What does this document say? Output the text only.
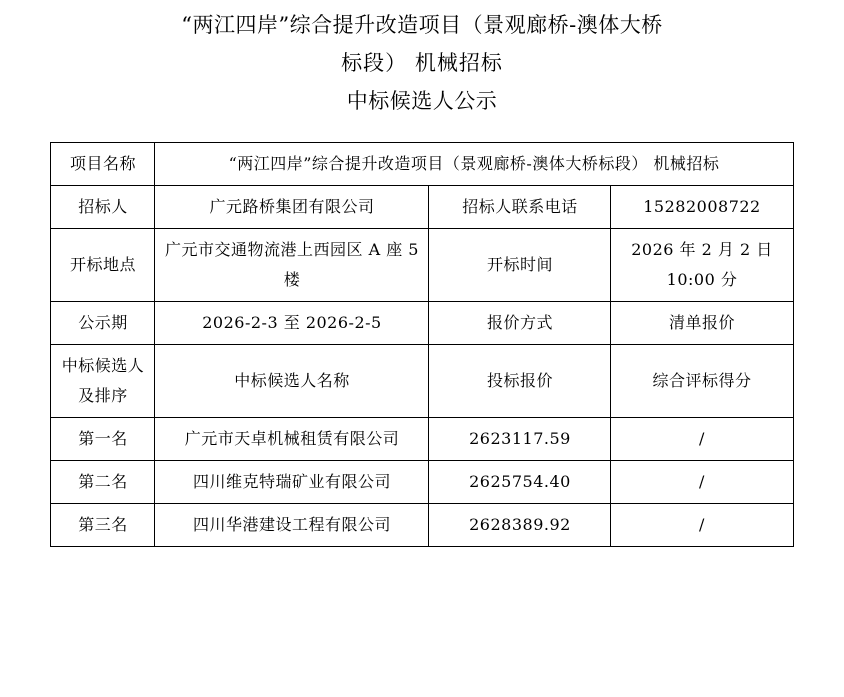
“两江四岸”综合提升改造项目（景观廊桥-澳体大桥
标段） 机械招标
中标候选人公示
项目名称	“两江四岸”综合提升改造项目（景观廊桥-澳体大桥标段） 机械招标		
招标人	广元路桥集团有限公司	招标人联系电话	15282008722
开标地点	广元市交通物流港上西园区 A 座 5 楼	开标时间	2026 年 2 月 2 日 10:00 分
公示期	2026-2-3 至 2026-2-5	报价方式	清单报价
中标候选人及排序	中标候选人名称	投标报价	综合评标得分
第一名	广元市天卓机械租赁有限公司	2623117.59	/
第二名	四川维克特瑞矿业有限公司	2625754.40	/
第三名	四川华港建设工程有限公司	2628389.92	/
